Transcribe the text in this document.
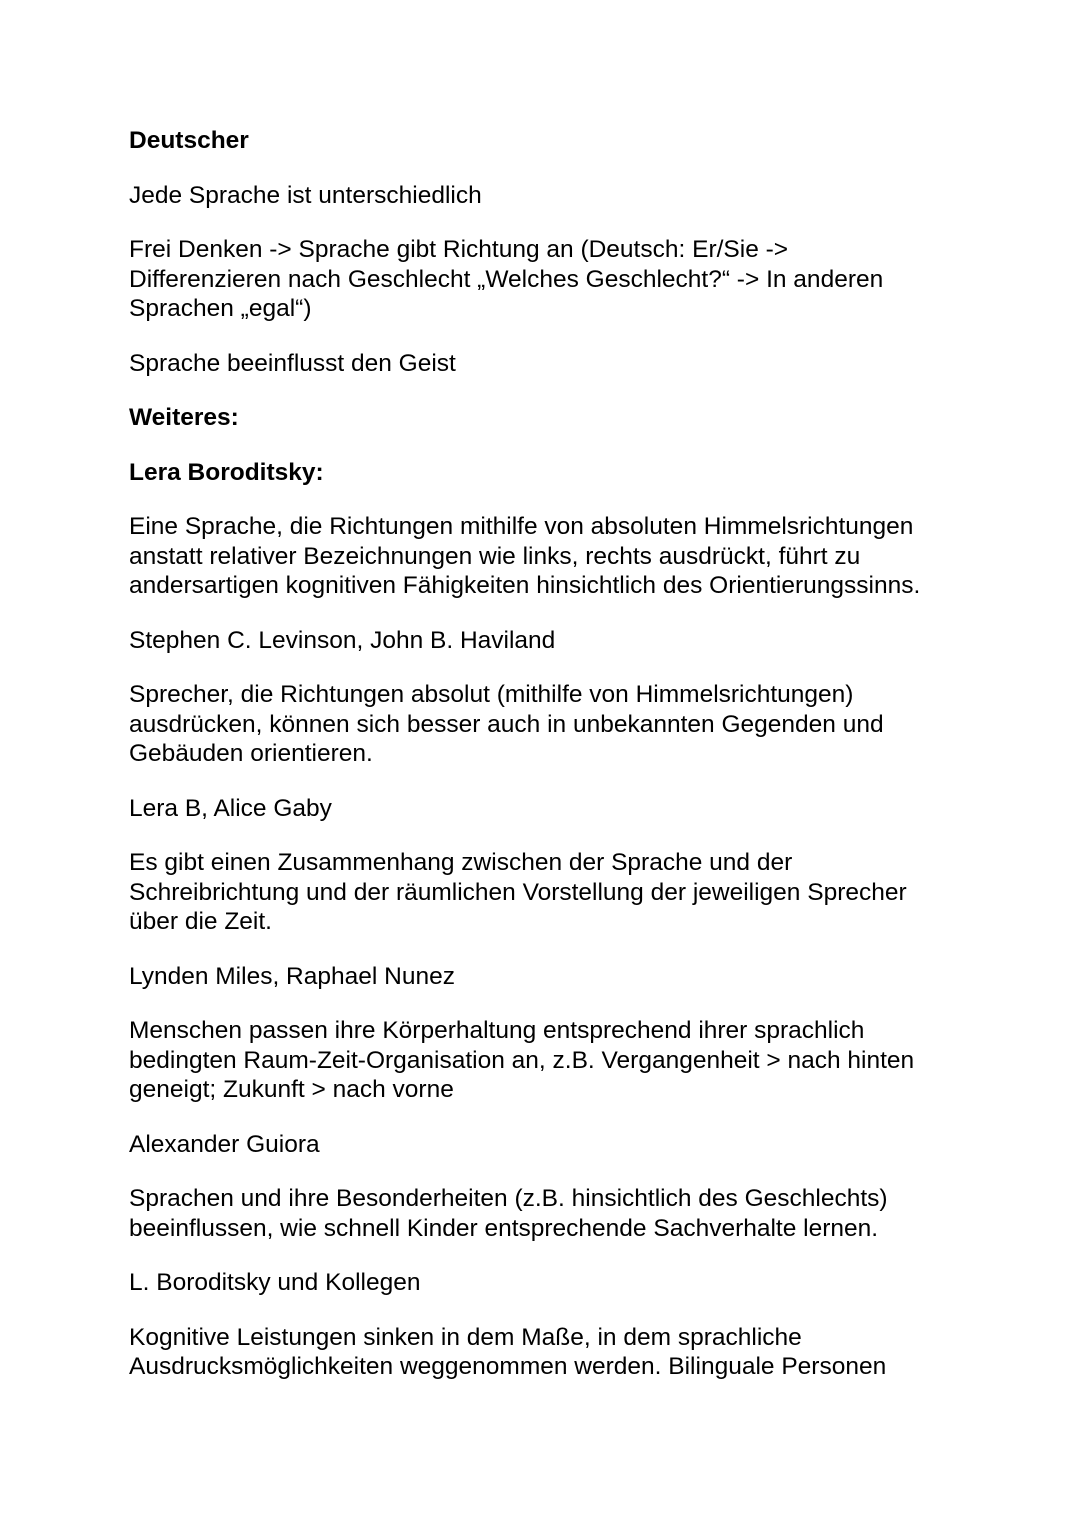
Deutscher

Jede Sprache ist unterschiedlich

Frei Denken -> Sprache gibt Richtung an (Deutsch: Er/Sie ->
Differenzieren nach Geschlecht „Welches Geschlecht?“ -> In anderen
Sprachen „egal“)

Sprache beeinflusst den Geist

Weiteres:

Lera Boroditsky:

Eine Sprache, die Richtungen mithilfe von absoluten Himmelsrichtungen
anstatt relativer Bezeichnungen wie links, rechts ausdrückt, führt zu
andersartigen kognitiven Fähigkeiten hinsichtlich des Orientierungssinns.

Stephen C. Levinson, John B. Haviland

Sprecher, die Richtungen absolut (mithilfe von Himmelsrichtungen)
ausdrücken, können sich besser auch in unbekannten Gegenden und
Gebäuden orientieren.

Lera B, Alice Gaby

Es gibt einen Zusammenhang zwischen der Sprache und der
Schreibrichtung und der räumlichen Vorstellung der jeweiligen Sprecher
über die Zeit.

Lynden Miles, Raphael Nunez

Menschen passen ihre Körperhaltung entsprechend ihrer sprachlich
bedingten Raum-Zeit-Organisation an, z.B. Vergangenheit > nach hinten
geneigt; Zukunft > nach vorne

Alexander Guiora

Sprachen und ihre Besonderheiten (z.B. hinsichtlich des Geschlechts)
beeinflussen, wie schnell Kinder entsprechende Sachverhalte lernen.

L. Boroditsky und Kollegen

Kognitive Leistungen sinken in dem Maße, in dem sprachliche
Ausdrucksmöglichkeiten weggenommen werden. Bilinguale Personen
